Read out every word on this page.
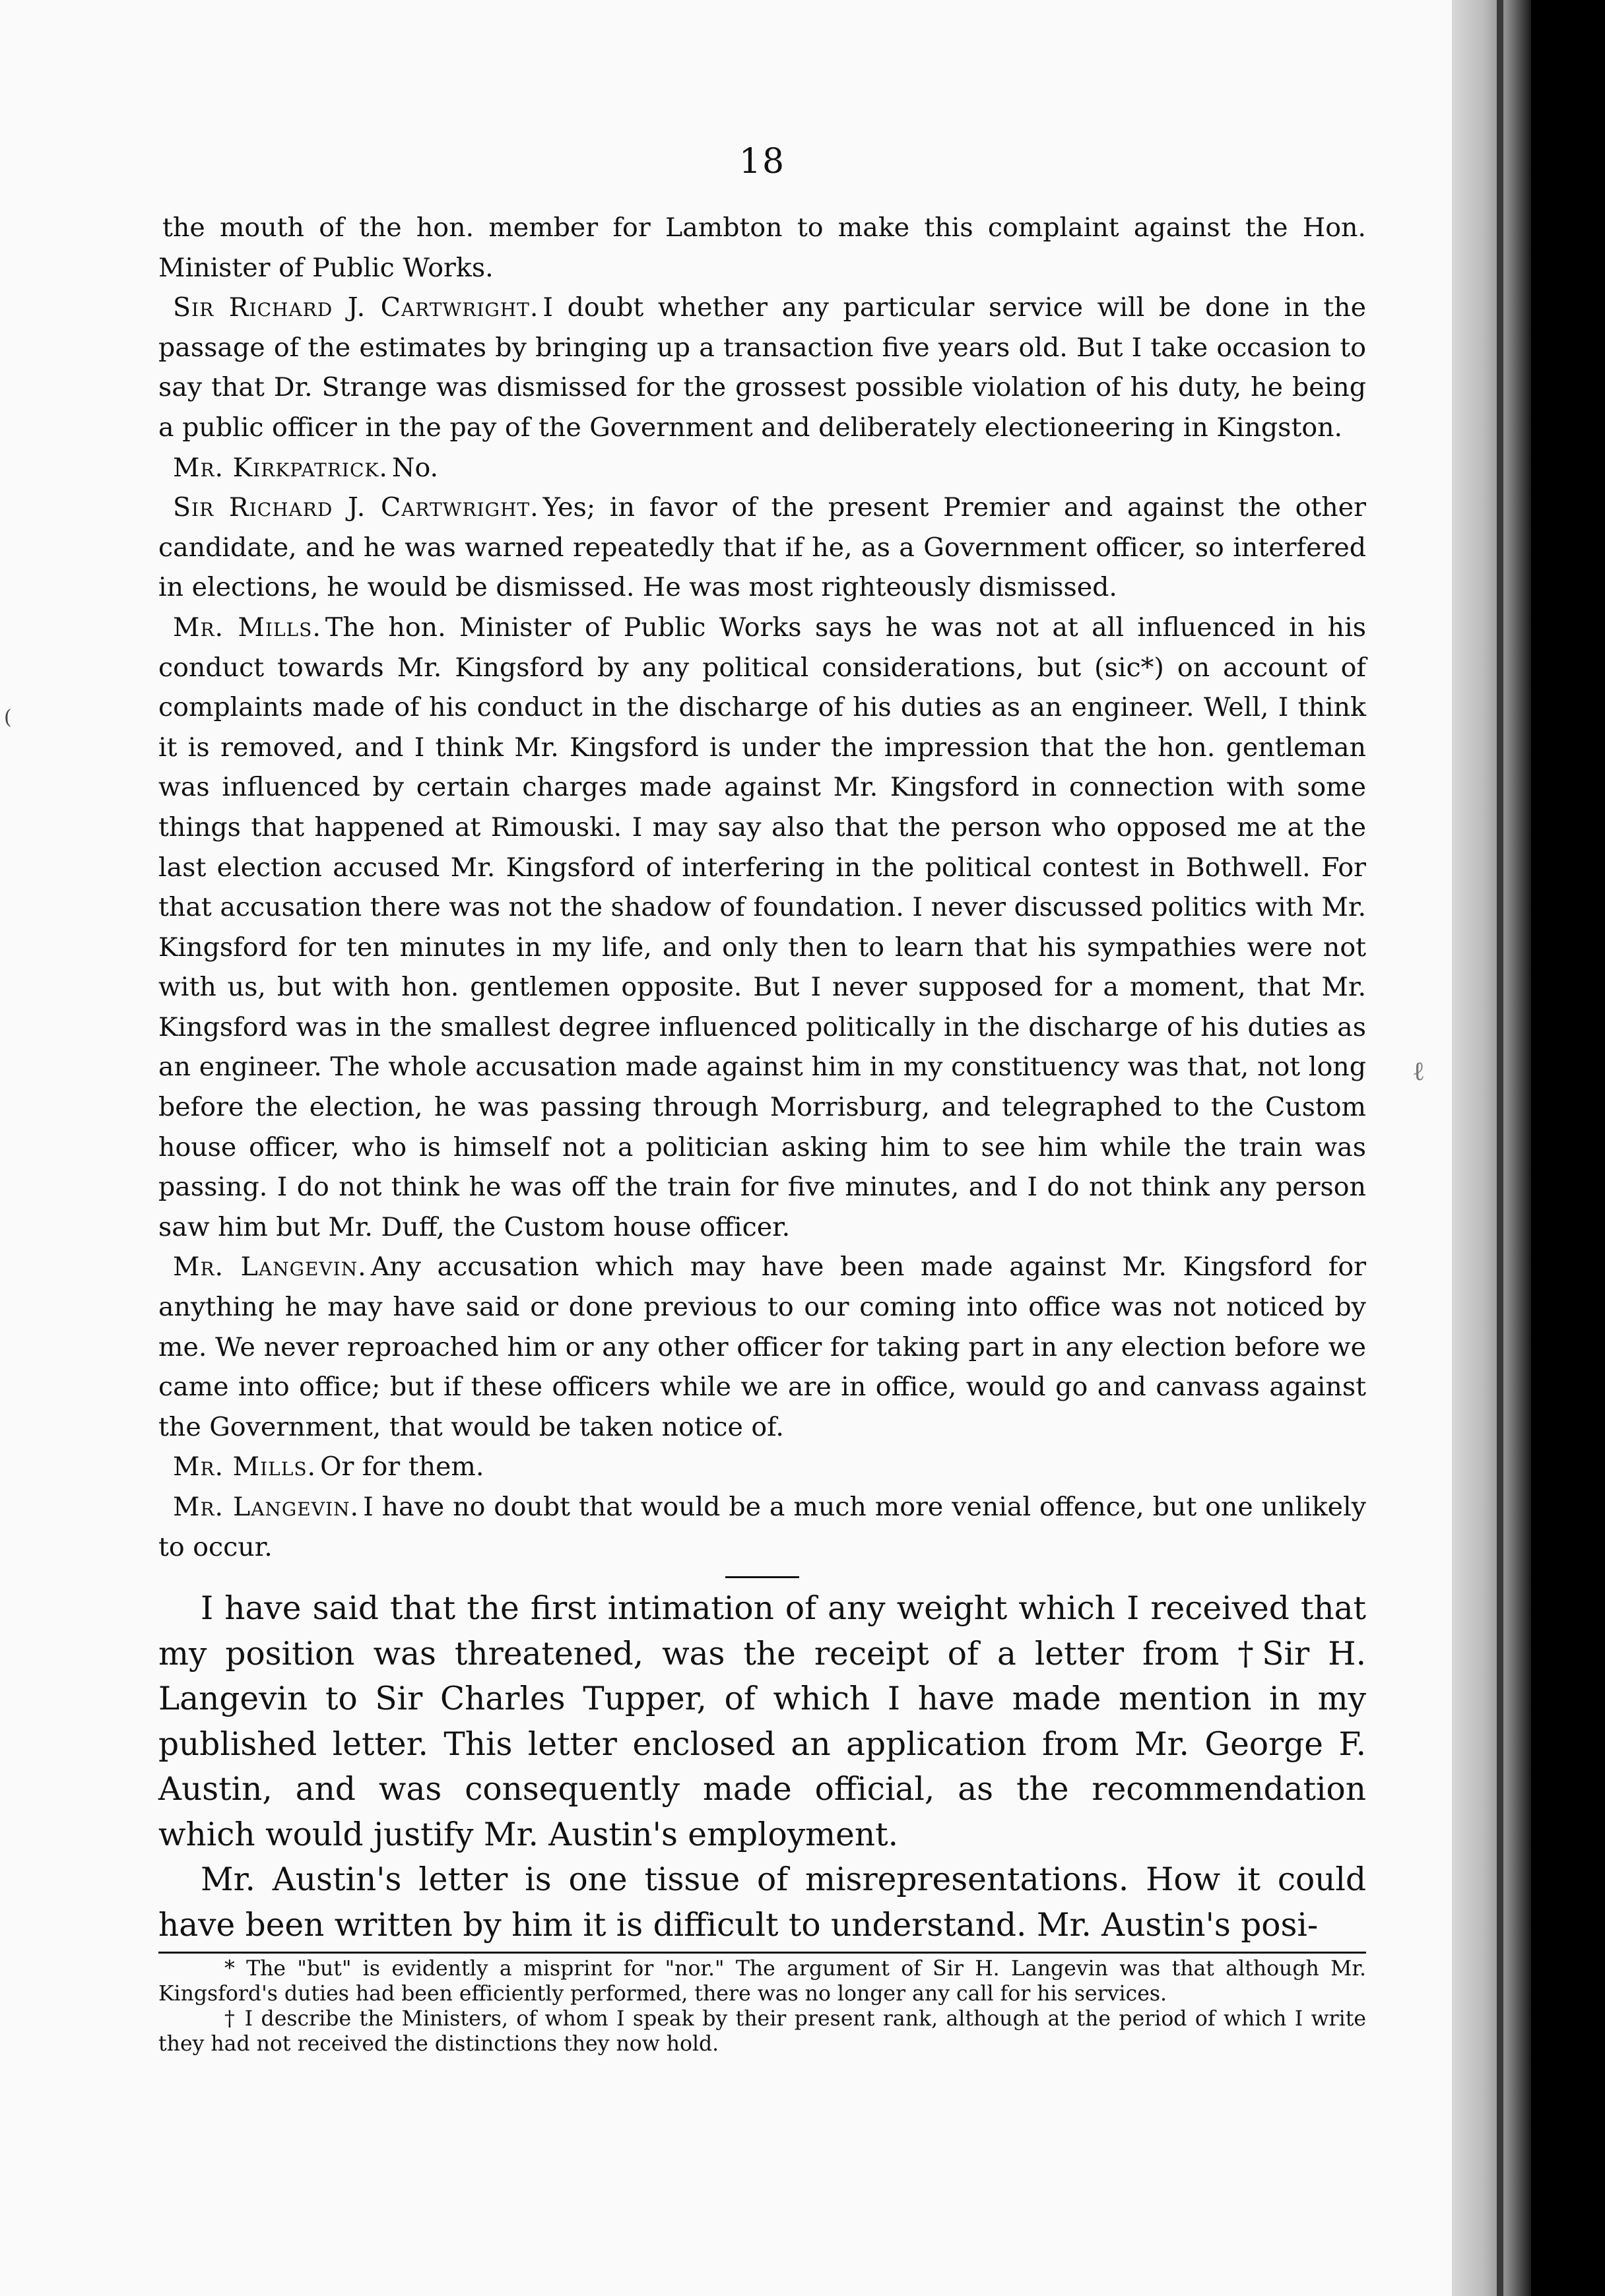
18

the mouth of the hon. member for Lambton to make this complaint against the Hon. Minister of Public Works.

Sir Richard J. Cartwright. I doubt whether any particular service will be done in the passage of the estimates by bringing up a transaction five years old. But I take occasion to say that Dr. Strange was dismissed for the grossest possible violation of his duty, he being a public officer in the pay of the Government and deliberately electioneering in Kingston.

Mr. Kirkpatrick. No.

Sir Richard J. Cartwright. Yes; in favor of the present Premier and against the other candidate, and he was warned repeatedly that if he, as a Government officer, so interfered in elections, he would be dismissed. He was most righteously dismissed.

Mr. Mills. The hon. Minister of Public Works says he was not at all influenced in his conduct towards Mr. Kingsford by any political considerations, but (sic*) on account of complaints made of his conduct in the discharge of his duties as an engineer. Well, I think it is removed, and I think Mr. Kingsford is under the impression that the hon. gentleman was influenced by certain charges made against Mr. Kingsford in connection with some things that happened at Rimouski. I may say also that the person who opposed me at the last election accused Mr. Kingsford of interfering in the political contest in Bothwell. For that accusation there was not the shadow of foundation. I never discussed politics with Mr. Kingsford for ten minutes in my life, and only then to learn that his sympathies were not with us, but with hon. gentlemen opposite. But I never supposed for a moment, that Mr. Kingsford was in the smallest degree influenced politically in the discharge of his duties as an engineer. The whole accusation made against him in my constituency was that, not long before the election, he was passing through Morrisburg, and telegraphed to the Custom house officer, who is himself not a politician asking him to see him while the train was passing. I do not think he was off the train for five minutes, and I do not think any person saw him but Mr. Duff, the Custom house officer.

Mr. Langevin. Any accusation which may have been made against Mr. Kingsford for anything he may have said or done previous to our coming into office was not noticed by me. We never reproached him or any other officer for taking part in any election before we came into office; but if these officers while we are in office, would go and canvass against the Government, that would be taken notice of.

Mr. Mills. Or for them.

Mr. Langevin. I have no doubt that would be a much more venial offence, but one unlikely to occur.

I have said that the first intimation of any weight which I received that my position was threatened, was the receipt of a letter from †Sir H. Langevin to Sir Charles Tupper, of which I have made mention in my published letter. This letter enclosed an application from Mr. George F. Austin, and was consequently made official, as the recommendation which would justify Mr. Austin's employment.

Mr. Austin's letter is one tissue of misrepresentations. How it could have been written by him it is difficult to understand. Mr. Austin's posi-

* The "but" is evidently a misprint for "nor." The argument of Sir H. Langevin was that although Mr. Kingsford's duties had been efficiently performed, there was no longer any call for his services.

† I describe the Ministers, of whom I speak by their present rank, although at the period of which I write they had not received the distinctions they now hold.

(
ℓ
